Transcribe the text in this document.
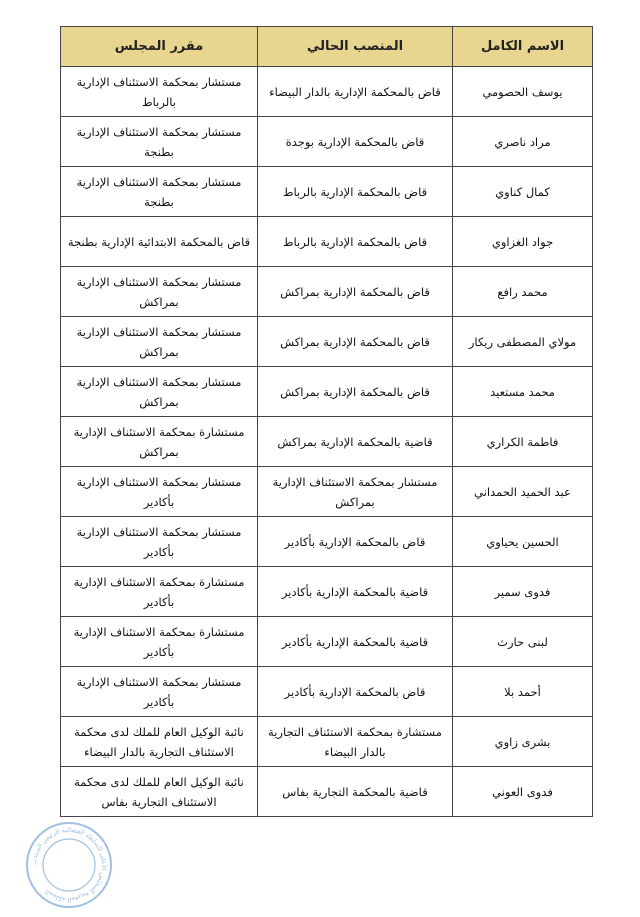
الاسم الكامل	المنصب الحالي	مقرر المجلس
يوسف الحصومي	قاض بالمحكمة الإدارية بالدار البيضاء	مستشار بمحكمة الاستئناف الإدارية بالرباط
مراد ناصري	قاض بالمحكمة الإدارية بوجدة	مستشار بمحكمة الاستئناف الإدارية بطنجة
كمال كناوي	قاض بالمحكمة الإدارية بالرباط	مستشار بمحكمة الاستئناف الإدارية بطنجة
جواد الغزاوي	قاض بالمحكمة الإدارية بالرباط	قاض بالمحكمة الابتدائية الإدارية بطنجة
محمد رافع	قاض بالمحكمة الإدارية بمراكش	مستشار بمحكمة الاستئناف الإدارية بمراكش
مولاي المصطفى ريكار	قاض بالمحكمة الإدارية بمراكش	مستشار بمحكمة الاستئناف الإدارية بمراكش
محمد مستعيد	قاض بالمحكمة الإدارية بمراكش	مستشار بمحكمة الاستئناف الإدارية بمراكش
فاطمة الكراري	قاضية بالمحكمة الإدارية بمراكش	مستشارة بمحكمة الاستئناف الإدارية بمراكش
عبد الحميد الحمداني	مستشار بمحكمة الاستئناف الإدارية بمراكش	مستشار بمحكمة الاستئناف الإدارية بأكادير
الحسين يحياوي	قاض بالمحكمة الإدارية بأكادير	مستشار بمحكمة الاستئناف الإدارية بأكادير
فدوى سمير	قاضية بالمحكمة الإدارية بأكادير	مستشارة بمحكمة الاستئناف الإدارية بأكادير
لبنى حارث	قاضية بالمحكمة الإدارية بأكادير	مستشارة بمحكمة الاستئناف الإدارية بأكادير
أحمد بلا	قاض بالمحكمة الإدارية بأكادير	مستشار بمحكمة الاستئناف الإدارية بأكادير
بشرى زاوي	مستشارة بمحكمة الاستئناف التجارية بالدار البيضاء	نائبة الوكيل العام للملك لدى محكمة الاستئناف التجارية بالدار البيضاء
فدوى العوني	قاضية بالمحكمة التجارية بفاس	نائبة الوكيل العام للملك لدى محكمة الاستئناف التجارية بفاس
المملكة المغربية المجلس الأعلى للسلطة القضائية الرئيس المنتدب
